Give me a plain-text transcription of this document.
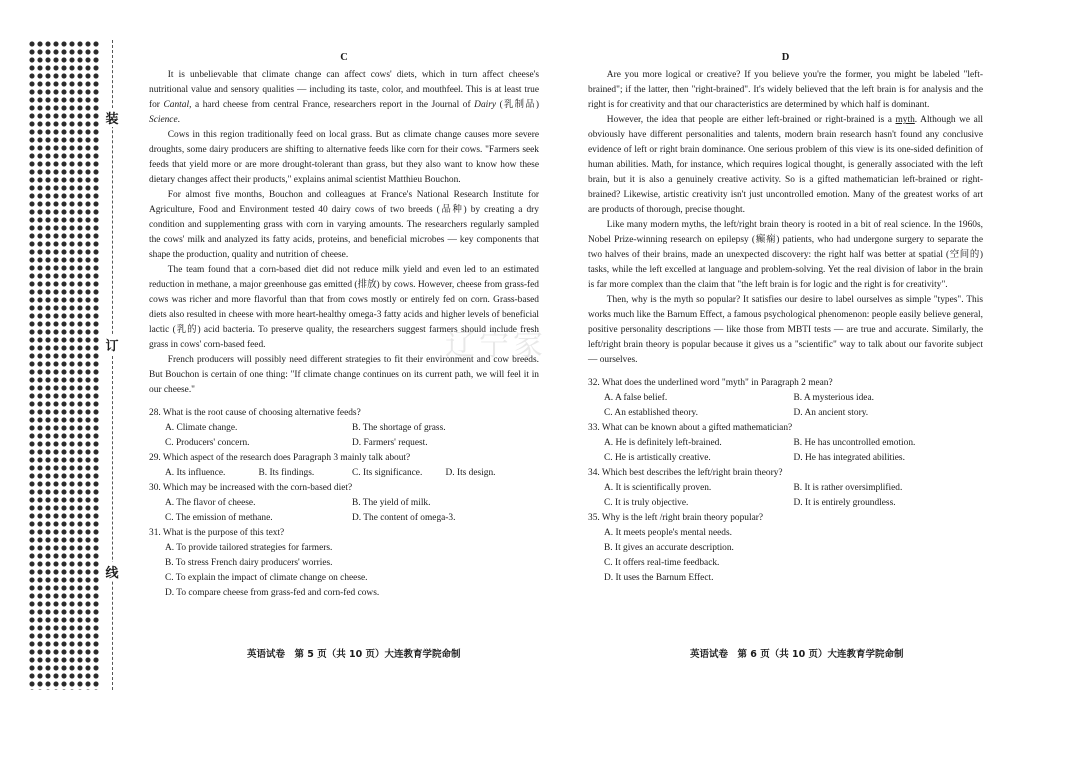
装
订
线
辽宁家
C

It is unbelievable that climate change can affect cows' diets, which in turn affect cheese's nutritional value and sensory qualities — including its taste, color, and mouthfeel. This is at least true for Cantal, a hard cheese from central France, researchers report in the Journal of Dairy (乳制品) Science.

Cows in this region traditionally feed on local grass. But as climate change causes more severe droughts, some dairy producers are shifting to alternative feeds like corn for their cows. "Farmers seek feeds that yield more or are more drought-tolerant than grass, but they also want to know how these dietary changes affect their products," explains animal scientist Matthieu Bouchon.

For almost five months, Bouchon and colleagues at France's National Research Institute for Agriculture, Food and Environment tested 40 dairy cows of two breeds (品种) by creating a dry condition and supplementing grass with corn in varying amounts. The researchers regularly sampled the cows' milk and analyzed its fatty acids, proteins, and beneficial microbes — key components that shape the production, quality and nutrition of cheese.

The team found that a corn-based diet did not reduce milk yield and even led to an estimated reduction in methane, a major greenhouse gas emitted (排放) by cows. However, cheese from grass-fed cows was richer and more flavorful than that from cows mostly or entirely fed on corn. Grass-based diets also resulted in cheese with more heart-healthy omega-3 fatty acids and higher levels of beneficial lactic (乳的) acid bacteria. To preserve quality, the researchers suggest farmers should include fresh grass in cows' corn-based feed.

French producers will possibly need different strategies to fit their environment and cow breeds. But Bouchon is certain of one thing: "If climate change continues on its current path, we will feel it in our cheese."

28. What is the root cause of choosing alternative feeds?
A. Climate change.	B. The shortage of grass.
C. Producers' concern.	D. Farmers' request.
29. Which aspect of the research does Paragraph 3 mainly talk about?
A. Its influence.	B. Its findings.	C. Its significance.	D. Its design.
30. Which may be increased with the corn-based diet?
A. The flavor of cheese.	B. The yield of milk.
C. The emission of methane.	D. The content of omega-3.
31. What is the purpose of this text?
A. To provide tailored strategies for farmers.
B. To stress French dairy producers' worries.
C. To explain the impact of climate change on cheese.
D. To compare cheese from grass-fed and corn-fed cows.
D

Are you more logical or creative? If you believe you're the former, you might be labeled "left-brained"; if the latter, then "right-brained". It's widely believed that the left brain is for analysis and the right is for creativity and that our characteristics are determined by which half is dominant.

However, the idea that people are either left-brained or right-brained is a myth. Although we all obviously have different personalities and talents, modern brain research hasn't found any conclusive evidence of left or right brain dominance. One serious problem of this view is its one-sided definition of human abilities. Math, for instance, which requires logical thought, is generally associated with the left brain, but it is also a genuinely creative activity. So is a gifted mathematician left-brained or right-brained? Likewise, artistic creativity isn't just uncontrolled emotion. Many of the greatest works of art are products of thorough, precise thought.

Like many modern myths, the left/right brain theory is rooted in a bit of real science. In the 1960s, Nobel Prize-winning research on epilepsy (癫痫) patients, who had undergone surgery to separate the two halves of their brains, made an unexpected discovery: the right half was better at spatial (空间的) tasks, while the left excelled at language and problem-solving. Yet the real division of labor in the brain is far more complex than the claim that "the left brain is for logic and the right is for creativity".

Then, why is the myth so popular? It satisfies our desire to label ourselves as simple "types". This works much like the Barnum Effect, a famous psychological phenomenon: people easily believe general, positive personality descriptions — like those from MBTI tests — are true and accurate. Similarly, the left/right brain theory is popular because it gives us a "scientific" way to talk about our favorite subject — ourselves.

32. What does the underlined word "myth" in Paragraph 2 mean?
A. A false belief.	B. A mysterious idea.
C. An established theory.	D. An ancient story.
33. What can be known about a gifted mathematician?
A. He is definitely left-brained.	B. He has uncontrolled emotion.
C. He is artistically creative.	D. He has integrated abilities.
34. Which best describes the left/right brain theory?
A. It is scientifically proven.	B. It is rather oversimplified.
C. It is truly objective.	D. It is entirely groundless.
35. Why is the left /right brain theory popular?
A. It meets people's mental needs.
B. It gives an accurate description.
C. It offers real-time feedback.
D. It uses the Barnum Effect.
英语试卷　第 5 页（共 10 页）大连教育学院命制	英语试卷　第 6 页（共 10 页）大连教育学院命制
